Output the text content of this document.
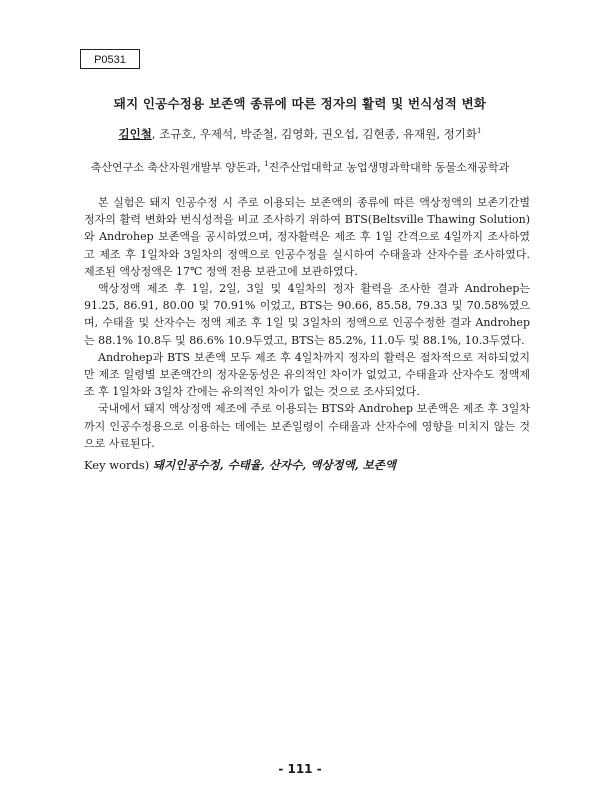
P0531
돼지 인공수정용 보존액 종류에 따른 정자의 활력 및 번식성적 변화
김인철, 조규호, 우제석, 박준철, 김영화, 권오섭, 김현종, 유재원, 정기화$^1$
축산연구소 축산자원개발부 양돈과, $^1$진주산업대학교 농업생명과학대학 동물소재공학과

본 실험은 돼지 인공수정 시 주로 이용되는 보존액의 종류에 따른 액상정액의 보존기간별 정자의 활력 변화와 번식성적을 비교 조사하기 위하여 BTS(Beltsville Thawing Solution)와 Androhep 보존액을 공시하였으며, 정자활력은 제조 후 1일 간격으로 4일까지 조사하였고 제조 후 1일차와 3일차의 정액으로 인공수정을 실시하여 수태율과 산자수를 조사하였다. 제조된 액상정액은 17℃ 정액 전용 보관고에 보관하였다.

액상정액 제조 후 1일, 2일, 3일 및 4일차의 정자 활력을 조사한 결과 Androhep는 91.25, 86.91, 80.00 및 70.91% 이었고, BTS는 90.66, 85.58, 79.33 및 70.58%였으며, 수태율 및 산자수는 정액 제조 후 1일 및 3일차의 정액으로 인공수정한 결과 Androhep는 88.1% 10.8두 및 86.6% 10.9두였고, BTS는 85.2%, 11.0두 및 88.1%, 10.3두였다.

Androhep과 BTS 보존액 모두 제조 후 4일차까지 정자의 활력은 점차적으로 저하되었지만 제조 일령별 보존액간의 정자운동성은 유의적인 차이가 없었고, 수태율과 산자수도 정액제조 후 1일차와 3일차 간에는 유의적인 차이가 없는 것으로 조사되었다.

국내에서 돼지 액상정액 제조에 주로 이용되는 BTS와 Androhep 보존액은 제조 후 3일차까지 인공수정용으로 이용하는 데에는 보존일령이 수태율과 산자수에 영향을 미치지 않는 것으로 사료된다.

Key words) 돼지인공수정, 수태율, 산자수, 액상정액, 보존액
- 111 -
